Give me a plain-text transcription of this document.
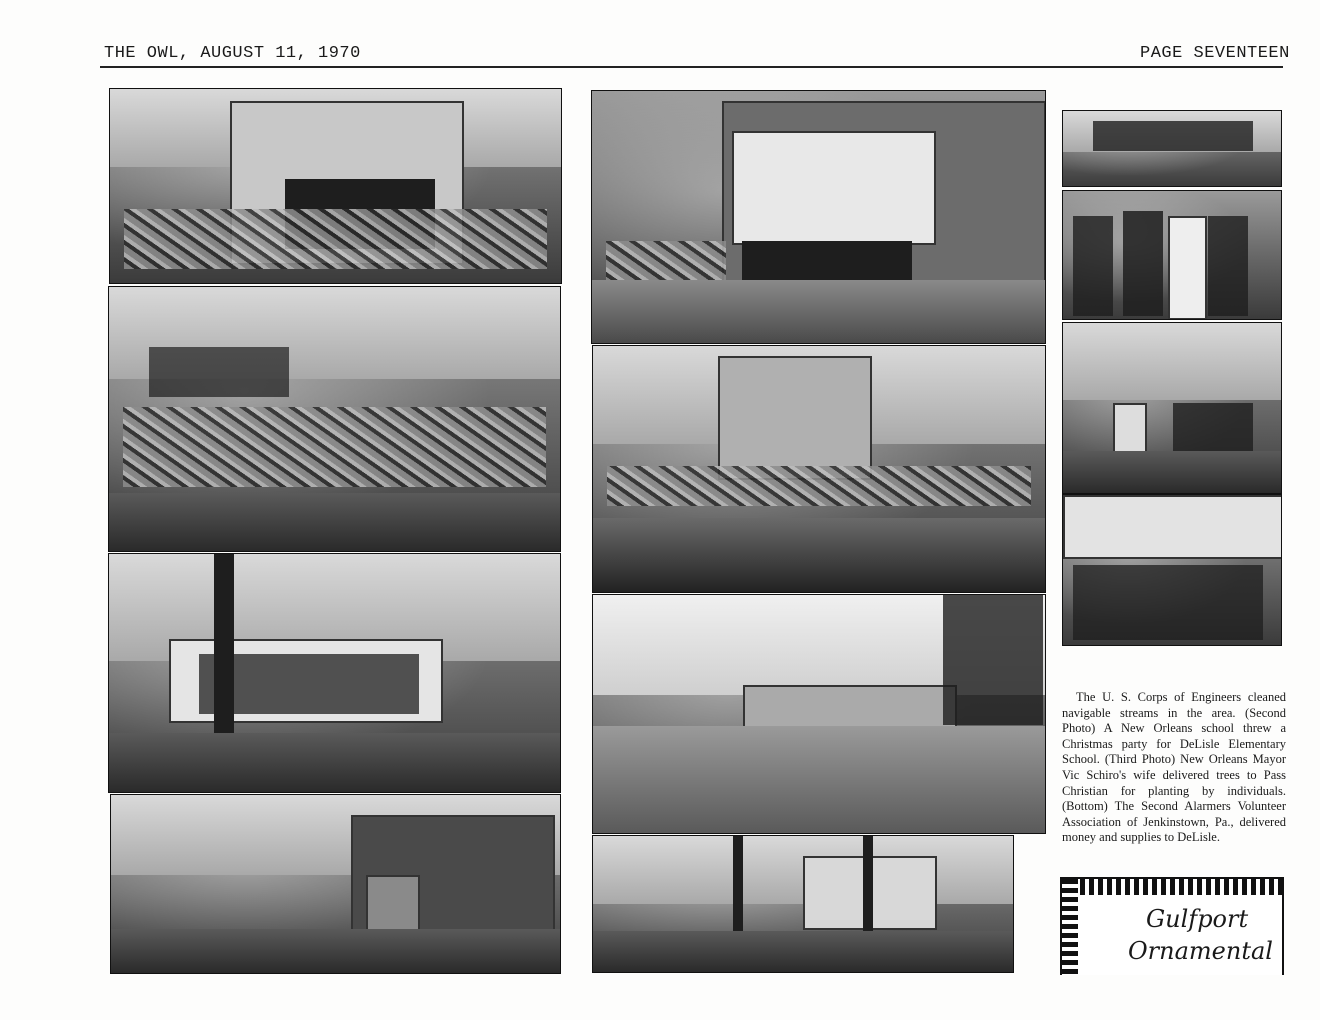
THE OWL, AUGUST 11, 1970	PAGE SEVENTEEN

The U. S. Corps of Engineers cleaned navigable streams in the area. (Second Photo) A New Orleans school threw a Christmas party for DeLisle Elementary School. (Third Photo) New Orleans Mayor Vic Schiro's wife delivered trees to Pass Christian for planting by individuals. (Bottom) The Second Alarmers Volunteer Association of Jenkinstown, Pa., delivered money and supplies to DeLisle.

Gulfport
Ornamental
